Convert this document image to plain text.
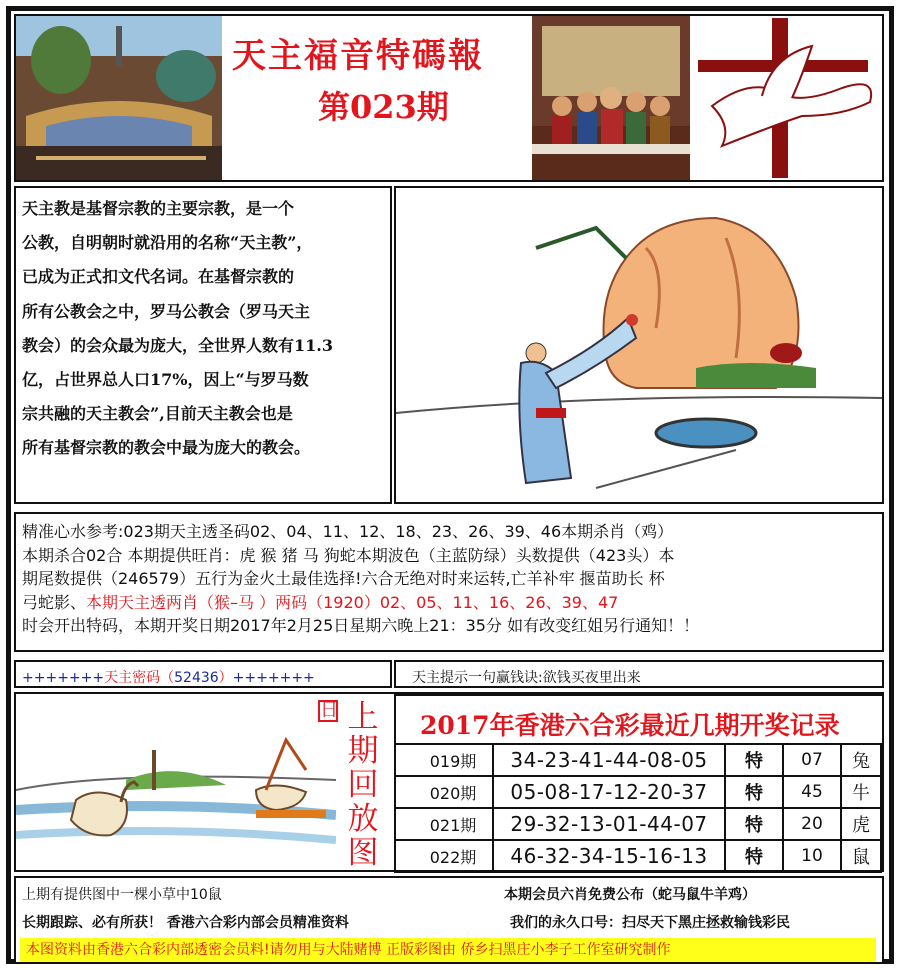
天主福音特碼報
第023期

天主教是基督宗教的主要宗教，是一个

公教，自明朝时就沿用的名称“天主教”，

已成为正式扣文代名词。在基督宗教的

所有公教会之中，罗马公教会（罗马天主

教会）的会众最为庞大，全世界人数有11.3

亿，占世界总人口17%，因上“与罗马数

宗共融的天主教会”,目前天主教会也是

所有基督宗教的教会中最为庞大的教会。

精准心水参考:023期天主透圣码02、04、11、12、18、23、26、39、46本期杀肖（鸡）

本期杀合02合 本期提供旺肖：虎 猴 猪 马 狗蛇本期波色（主蓝防绿）头数提供（423头）本

期尾数提供（246579）五行为金火土最佳选择!六合无绝对时来运转,亡羊补牢 揠苗助长 杯

弓蛇影、本期天主透两肖（猴–马 ）两码（1920）02、05、11、16、26、39、47

时会开出特码，本期开奖日期2017年2月25日星期六晚上21：35分 如有改变红姐另行通知！！

+++++++天主密码（52436）+++++++	天主提示一句赢钱诀:欲钱买夜里出来
日 上
期
回
放
图
2017年香港六合彩最近几期开奖记录
019期	34-23-41-44-08-05	特	07	兔
020期	05-08-17-12-20-37	特	45	牛
021期	29-32-13-01-44-07	特	20	虎
022期	46-32-34-15-16-13	特	10	鼠
上期有提供图中一棵小草中10鼠	本期会员六肖免费公布（蛇马鼠牛羊鸡）
长期跟踪、必有所获！ 香港六合彩内部会员精准资料	我们的永久口号：扫尽天下黑庄拯救输钱彩民
本图资料由香港六合彩内部透密会员料!请勿用与大陆赌博 正版彩图由 侨乡扫黑庄小李子工作室研究制作
